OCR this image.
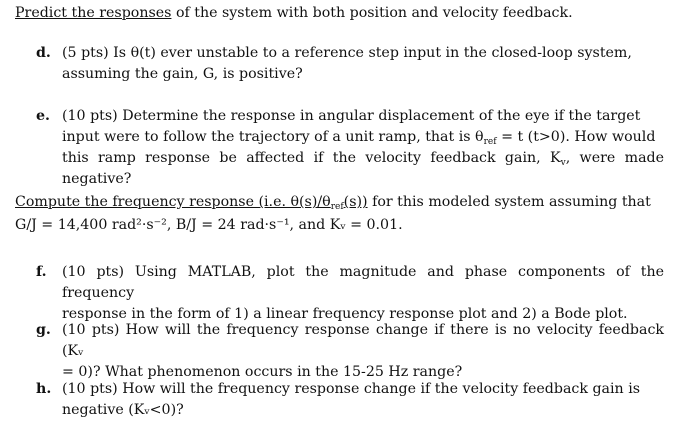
Predict the responses of the system with both position and velocity feedback.
d. (5 pts) Is θ(t) ever unstable to a reference step input in the closed-loop system,
assuming the gain, G, is positive?
e. (10 pts) Determine the response in angular displacement of the eye if the target
input were to follow the trajectory of a unit ramp, that is $\theta_{ref} = t$ (t>0). How would
this ramp response be affected if the velocity feedback gain, $K_v$, were made negative?
Compute the frequency response (i.e. $\theta(s)/\theta_{ref}(s)$) for this modeled system assuming that
G/J = 14,400 rad²·s⁻², B/J = 24 rad·s⁻¹, and Kᵥ = 0.01.
f.	(10 pts) Using MATLAB, plot the magnitude and phase components of the frequency
response in the form of 1) a linear frequency response plot and 2) a Bode plot.
g. (10 pts) How will the frequency response change if there is no velocity feedback (Kᵥ
= 0)? What phenomenon occurs in the 15-25 Hz range?
h. (10 pts) How will the frequency response change if the velocity feedback gain is
negative (Kᵥ<0)?
